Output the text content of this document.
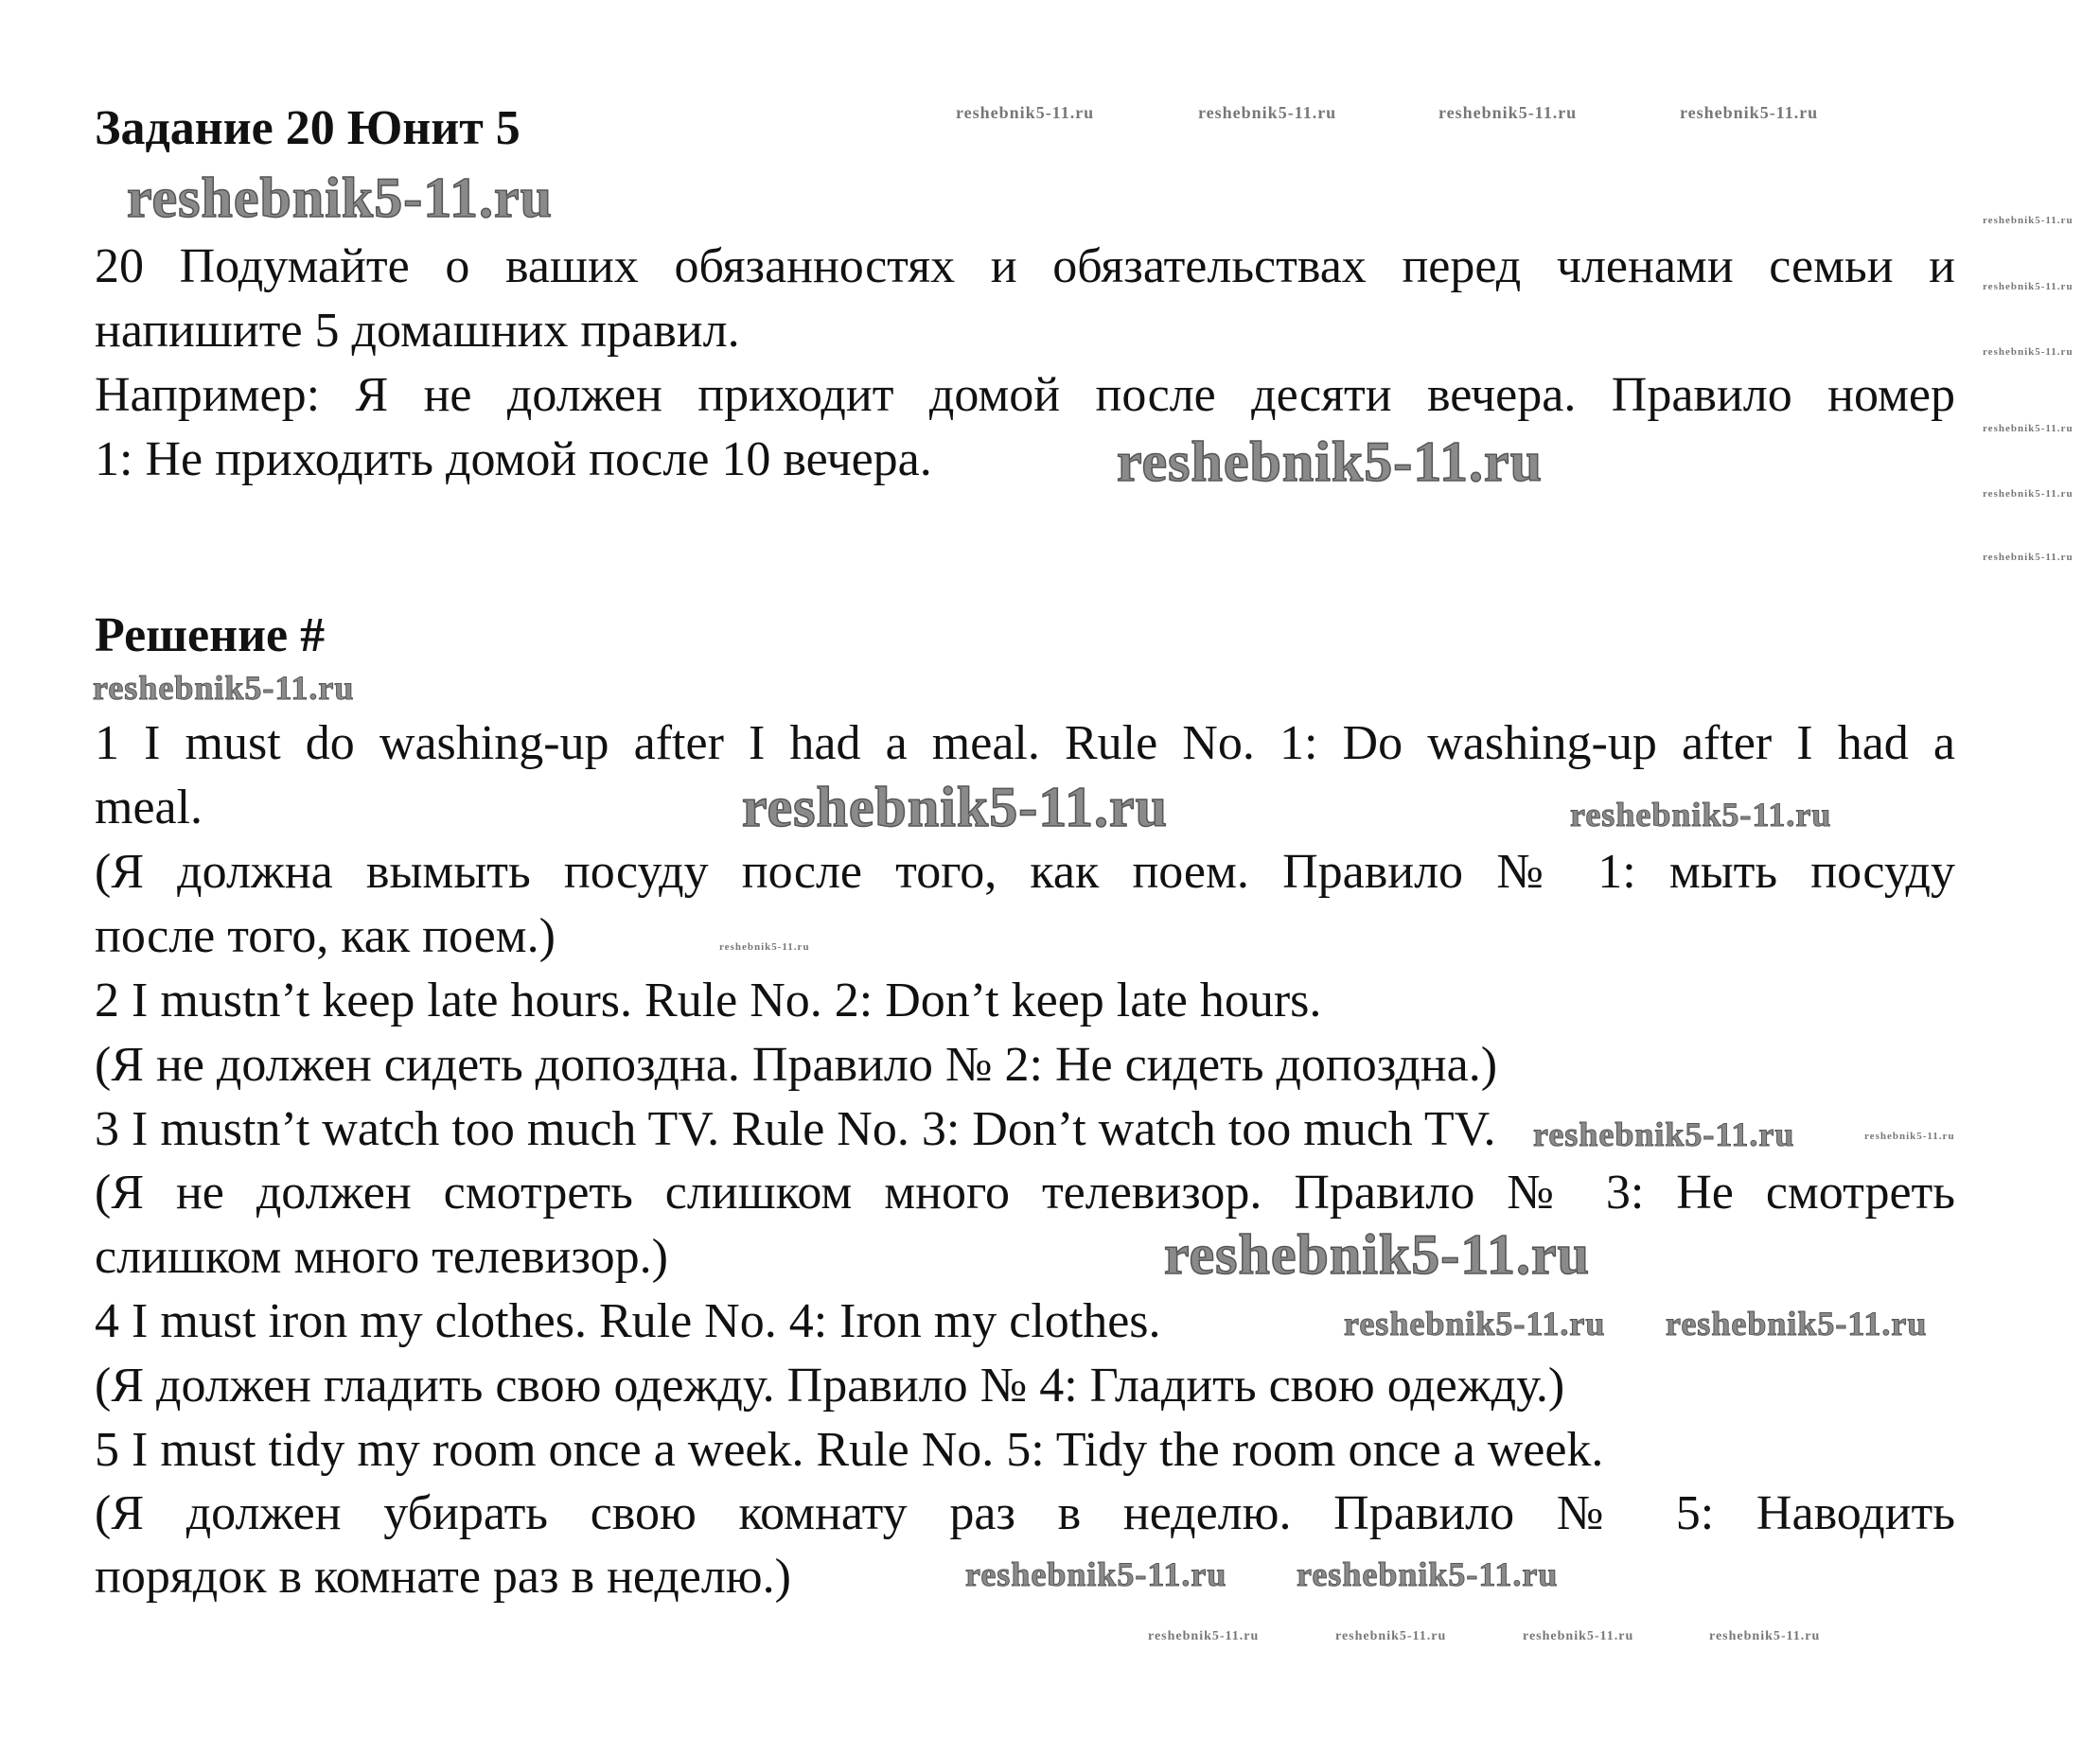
Задание 20 Юнит 5
20 Подумайте о ваших обязанностях и обязательствах перед членами семьи и
напишите 5 домашних правил.
Например: Я не должен приходит домой после десяти вечера. Правило номер
1: Не приходить домой после 10 вечера.
Решение #
1 I must do washing-up after I had a meal. Rule No. 1: Do washing-up after I had a
meal.
(Я должна вымыть посуду после того, как поем. Правило № 1: мыть посуду
после того, как поем.)
2 I mustn’t keep late hours. Rule No. 2: Don’t keep late hours.
(Я не должен сидеть допоздна. Правило № 2: Не сидеть допоздна.)
3 I mustn’t watch too much TV. Rule No. 3: Don’t watch too much TV.
(Я не должен смотреть слишком много телевизор. Правило № 3: Не смотреть
слишком много телевизор.)
4 I must iron my clothes. Rule No. 4: Iron my clothes.
(Я должен гладить свою одежду. Правило № 4: Гладить свою одежду.)
5 I must tidy my room once a week. Rule No. 5: Tidy the room once a week.
(Я должен убирать свою комнату раз в неделю. Правило № 5: Наводить
порядок в комнате раз в неделю.)
reshebnik5-11.ru	reshebnik5-11.ru	reshebnik5-11.ru	reshebnik5-11.ru
reshebnik5-11.ru	reshebnik5-11.ru
reshebnik5-11.ru
reshebnik5-11.ru
reshebnik5-11.ru
reshebnik5-11.ru
reshebnik5-11.ru
reshebnik5-11.ru
reshebnik5-11.ru
reshebnik5-11.ru	reshebnik5-11.ru
reshebnik5-11.ru
reshebnik5-11.ru	reshebnik5-11.ru
reshebnik5-11.ru
reshebnik5-11.ru reshebnik5-11.ru
reshebnik5-11.ru reshebnik5-11.ru
reshebnik5-11.ru	reshebnik5-11.ru	reshebnik5-11.ru	reshebnik5-11.ru
